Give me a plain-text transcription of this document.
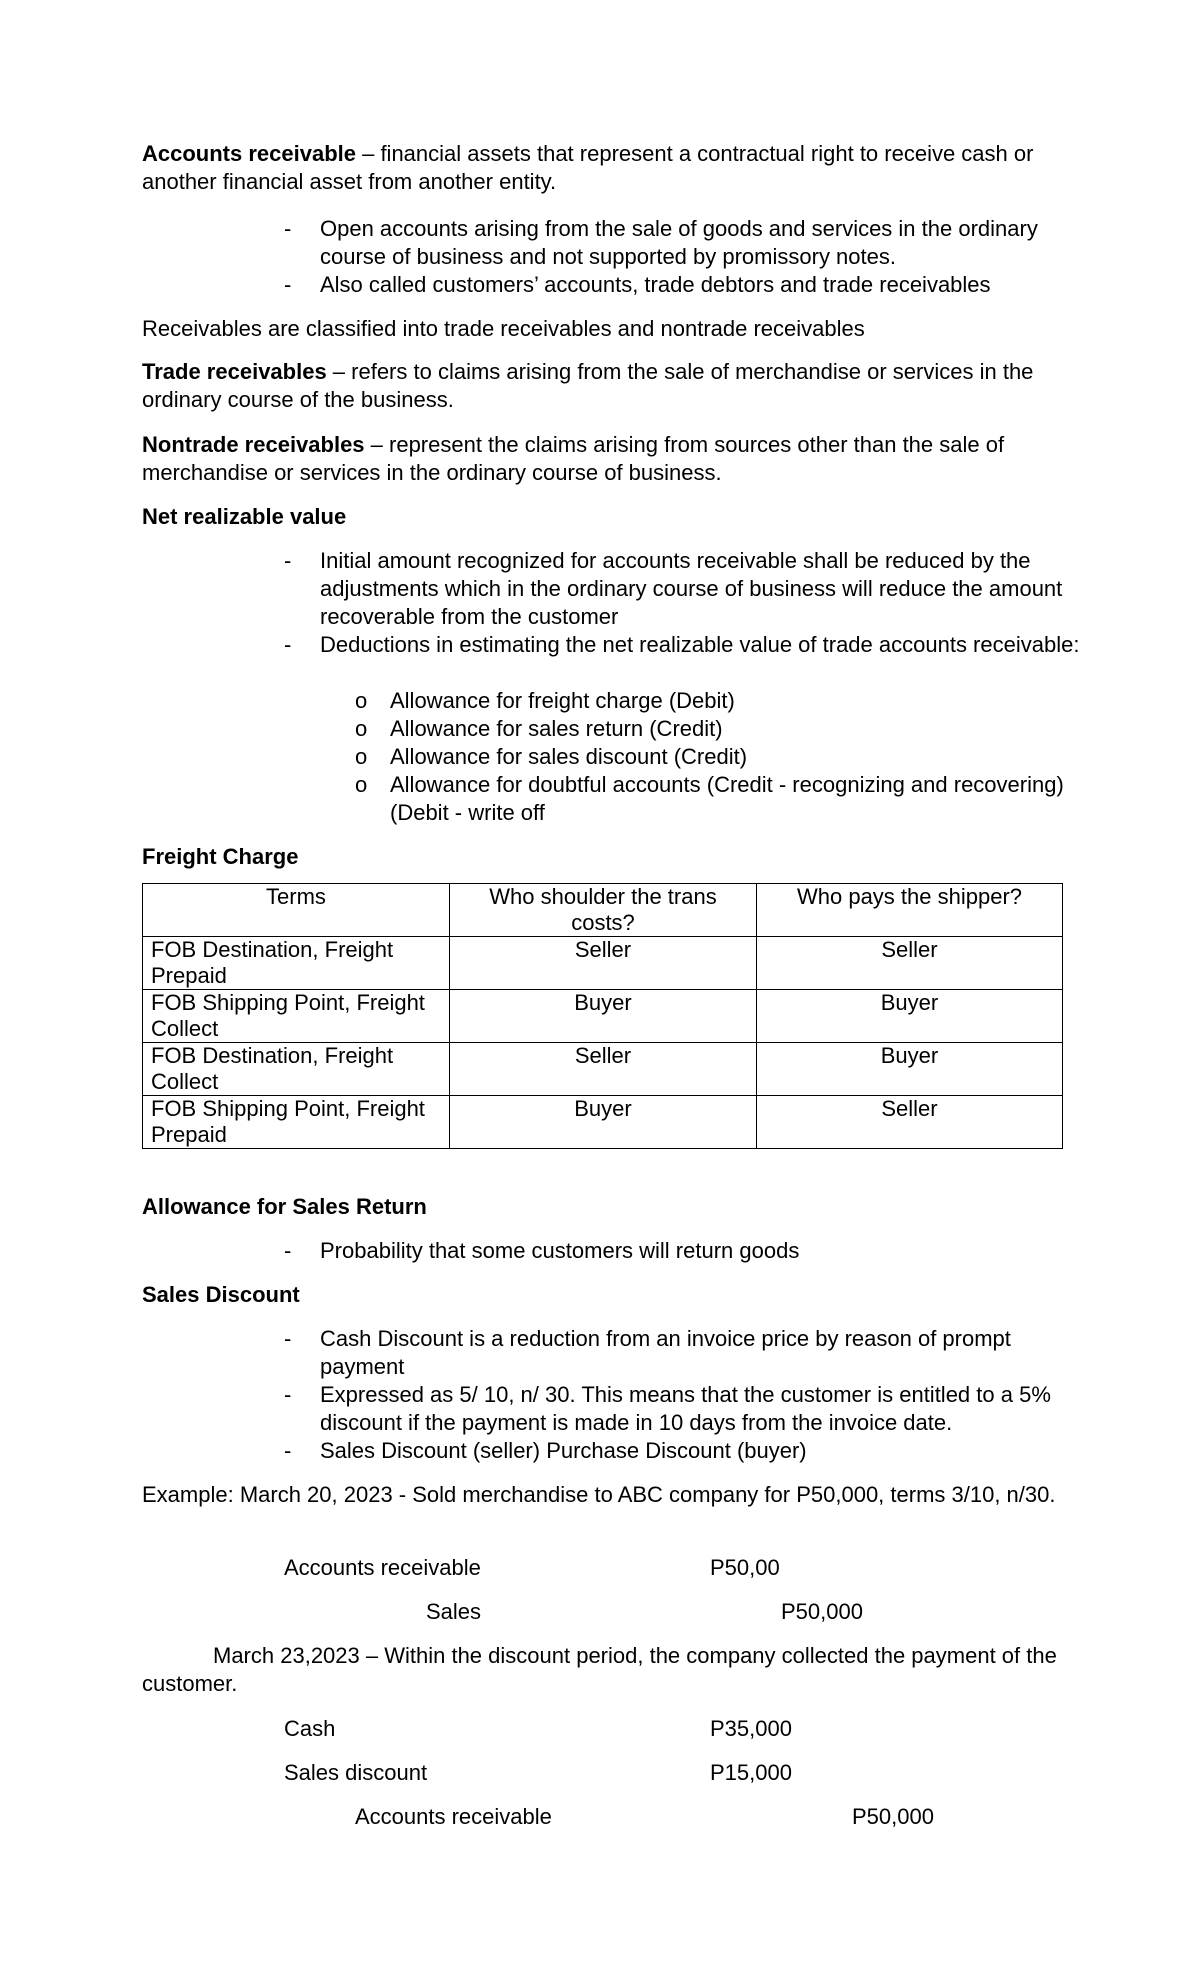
Accounts receivable – financial assets that represent a contractual right to receive cash or another financial asset from another entity.
- Open accounts arising from the sale of goods and services in the ordinary course of business and not supported by promissory notes.
- Also called customers’ accounts, trade debtors and trade receivables
Receivables are classified into trade receivables and nontrade receivables
Trade receivables – refers to claims arising from the sale of merchandise or services in the ordinary course of the business.
Nontrade receivables – represent the claims arising from sources other than the sale of merchandise or services in the ordinary course of business.
Net realizable value
- Initial amount recognized for accounts receivable shall be reduced by the adjustments which in the ordinary course of business will reduce the amount recoverable from the customer
- Deductions in estimating the net realizable value of trade accounts receivable:
o Allowance for freight charge (Debit)
o Allowance for sales return (Credit)
o Allowance for sales discount (Credit)
o Allowance for doubtful accounts (Credit - recognizing and recovering) (Debit - write off
Freight Charge
Terms	Who shoulder the trans costs?	Who pays the shipper?
FOB Destination, Freight Prepaid	Seller	Seller
FOB Shipping Point, Freight Collect	Buyer	Buyer
FOB Destination, Freight Collect	Seller	Buyer
FOB Shipping Point, Freight Prepaid	Buyer	Seller
Allowance for Sales Return
- Probability that some customers will return goods
Sales Discount
- Cash Discount is a reduction from an invoice price by reason of prompt payment
- Expressed as 5/ 10, n/ 30. This means that the customer is entitled to a 5% discount if the payment is made in 10 days from the invoice date.
- Sales Discount (seller) Purchase Discount (buyer)
Example: March 20, 2023 - Sold merchandise to ABC company for P50,000, terms 3/10, n/30.
Accounts receivable	P50,00
Sales	P50,000
March 23,2023 – Within the discount period, the company collected the payment of the customer.
Cash	P35,000
Sales discount	P15,000
Accounts receivable	P50,000
